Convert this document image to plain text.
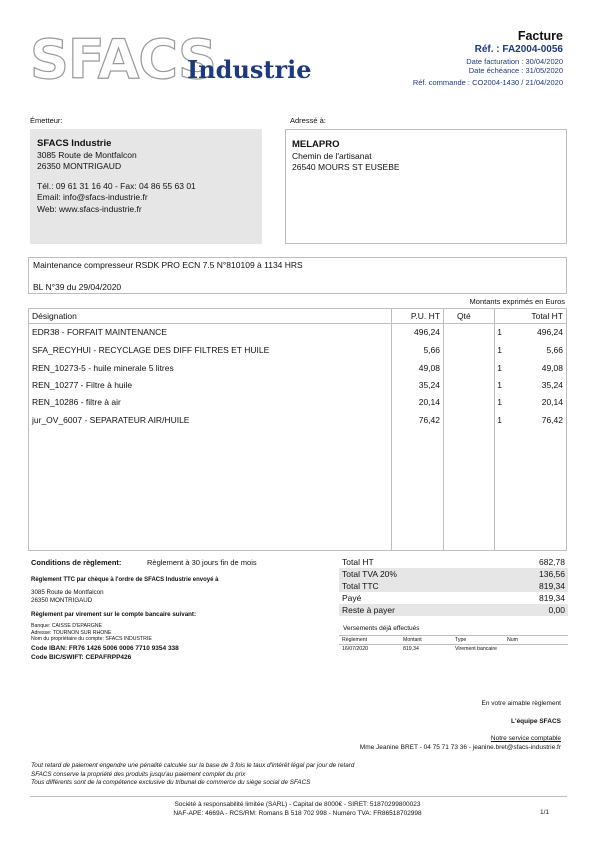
SFACS
Industrie
Facture
Réf. : FA2004-0056
Date facturation : 30/04/2020
Date échéance : 31/05/2020
Réf. commande : CO2004-1430 / 21/04/2020
Émetteur:
SFACS Industrie
3085 Route de Montfalcon
26350 MONTRIGAUD
Tél.: 09 61 31 16 40 - Fax: 04 86 55 63 01
Email: info@sfacs-industrie.fr
Web: www.sfacs-industrie.fr
Adressé à:
MELAPRO
Chemin de l'artisanat
26540 MOURS ST EUSEBE
Maintenance compresseur RSDK PRO ECN 7.5 N°810109 à 1134 HRS
BL N°39 du 29/04/2020
Montants exprimés en Euros
Désignation	P.U. HT	Qté	Total HT
EDR38 - FORFAIT MAINTENANCE	496,24	1	496,24
SFA_RECYHUI - RECYCLAGE DES DIFF FILTRES ET HUILE	5,66	1	5,66
REN_10273-5 - huile minerale 5 litres	49,08	1	49,08
REN_10277 - Filtre à huile	35,24	1	35,24
REN_10286 - filtre à air	20,14	1	20,14
jur_OV_6007 - SEPARATEUR AIR/HUILE	76,42	1	76,42
Conditions de règlement:	Règlement à 30 jours fin de mois
Règlement TTC par chèque à l'ordre de SFACS Industrie envoyé à
3085 Route de Montfalcon
26350 MONTRIGAUD
Règlement par virement sur le compte bancaire suivant:
Banque: CAISSE D'EPARGNE
Adresse: TOURNON SUR RHONE
Nom du propriétaire du compte: SFACS INDUSTRIE
Code IBAN: FR76 1426 5006 0006 7710 9354 338
Code BIC/SWIFT: CEPAFRPP426
Total HT	682,78
Total TVA 20%	136,56
Total TTC	819,34
Payé	819,34
Reste à payer	0,00
Versements déjà effectués
Règlement	Montant	Type	Num
16/07/2020	819,34	Virement bancaire
En votre aimable règlement
L'équipe SFACS
Notre service comptable
Mme Jeanine BRET - 04 75 71 73 36 - jeanine.bret@sfacs-industrie.fr
Tout retard de paiement engendre une pénalité calculée sur la base de 3 fois le taux d'intérêt légal par jour de retard
SFACS conserve la propriété des produits jusqu'au paiement complet du prix
Tous différents sont de la compétence exclusive du tribunal de commerce du siège social de SFACS
Société à responsabilité limitée (SARL) - Capital de 8000€ - SIRET: 51870299800023
NAF-APE: 4669A - RCS/RM: Romans B 518 702 998 - Numéro TVA: FR86518702998	1/1
